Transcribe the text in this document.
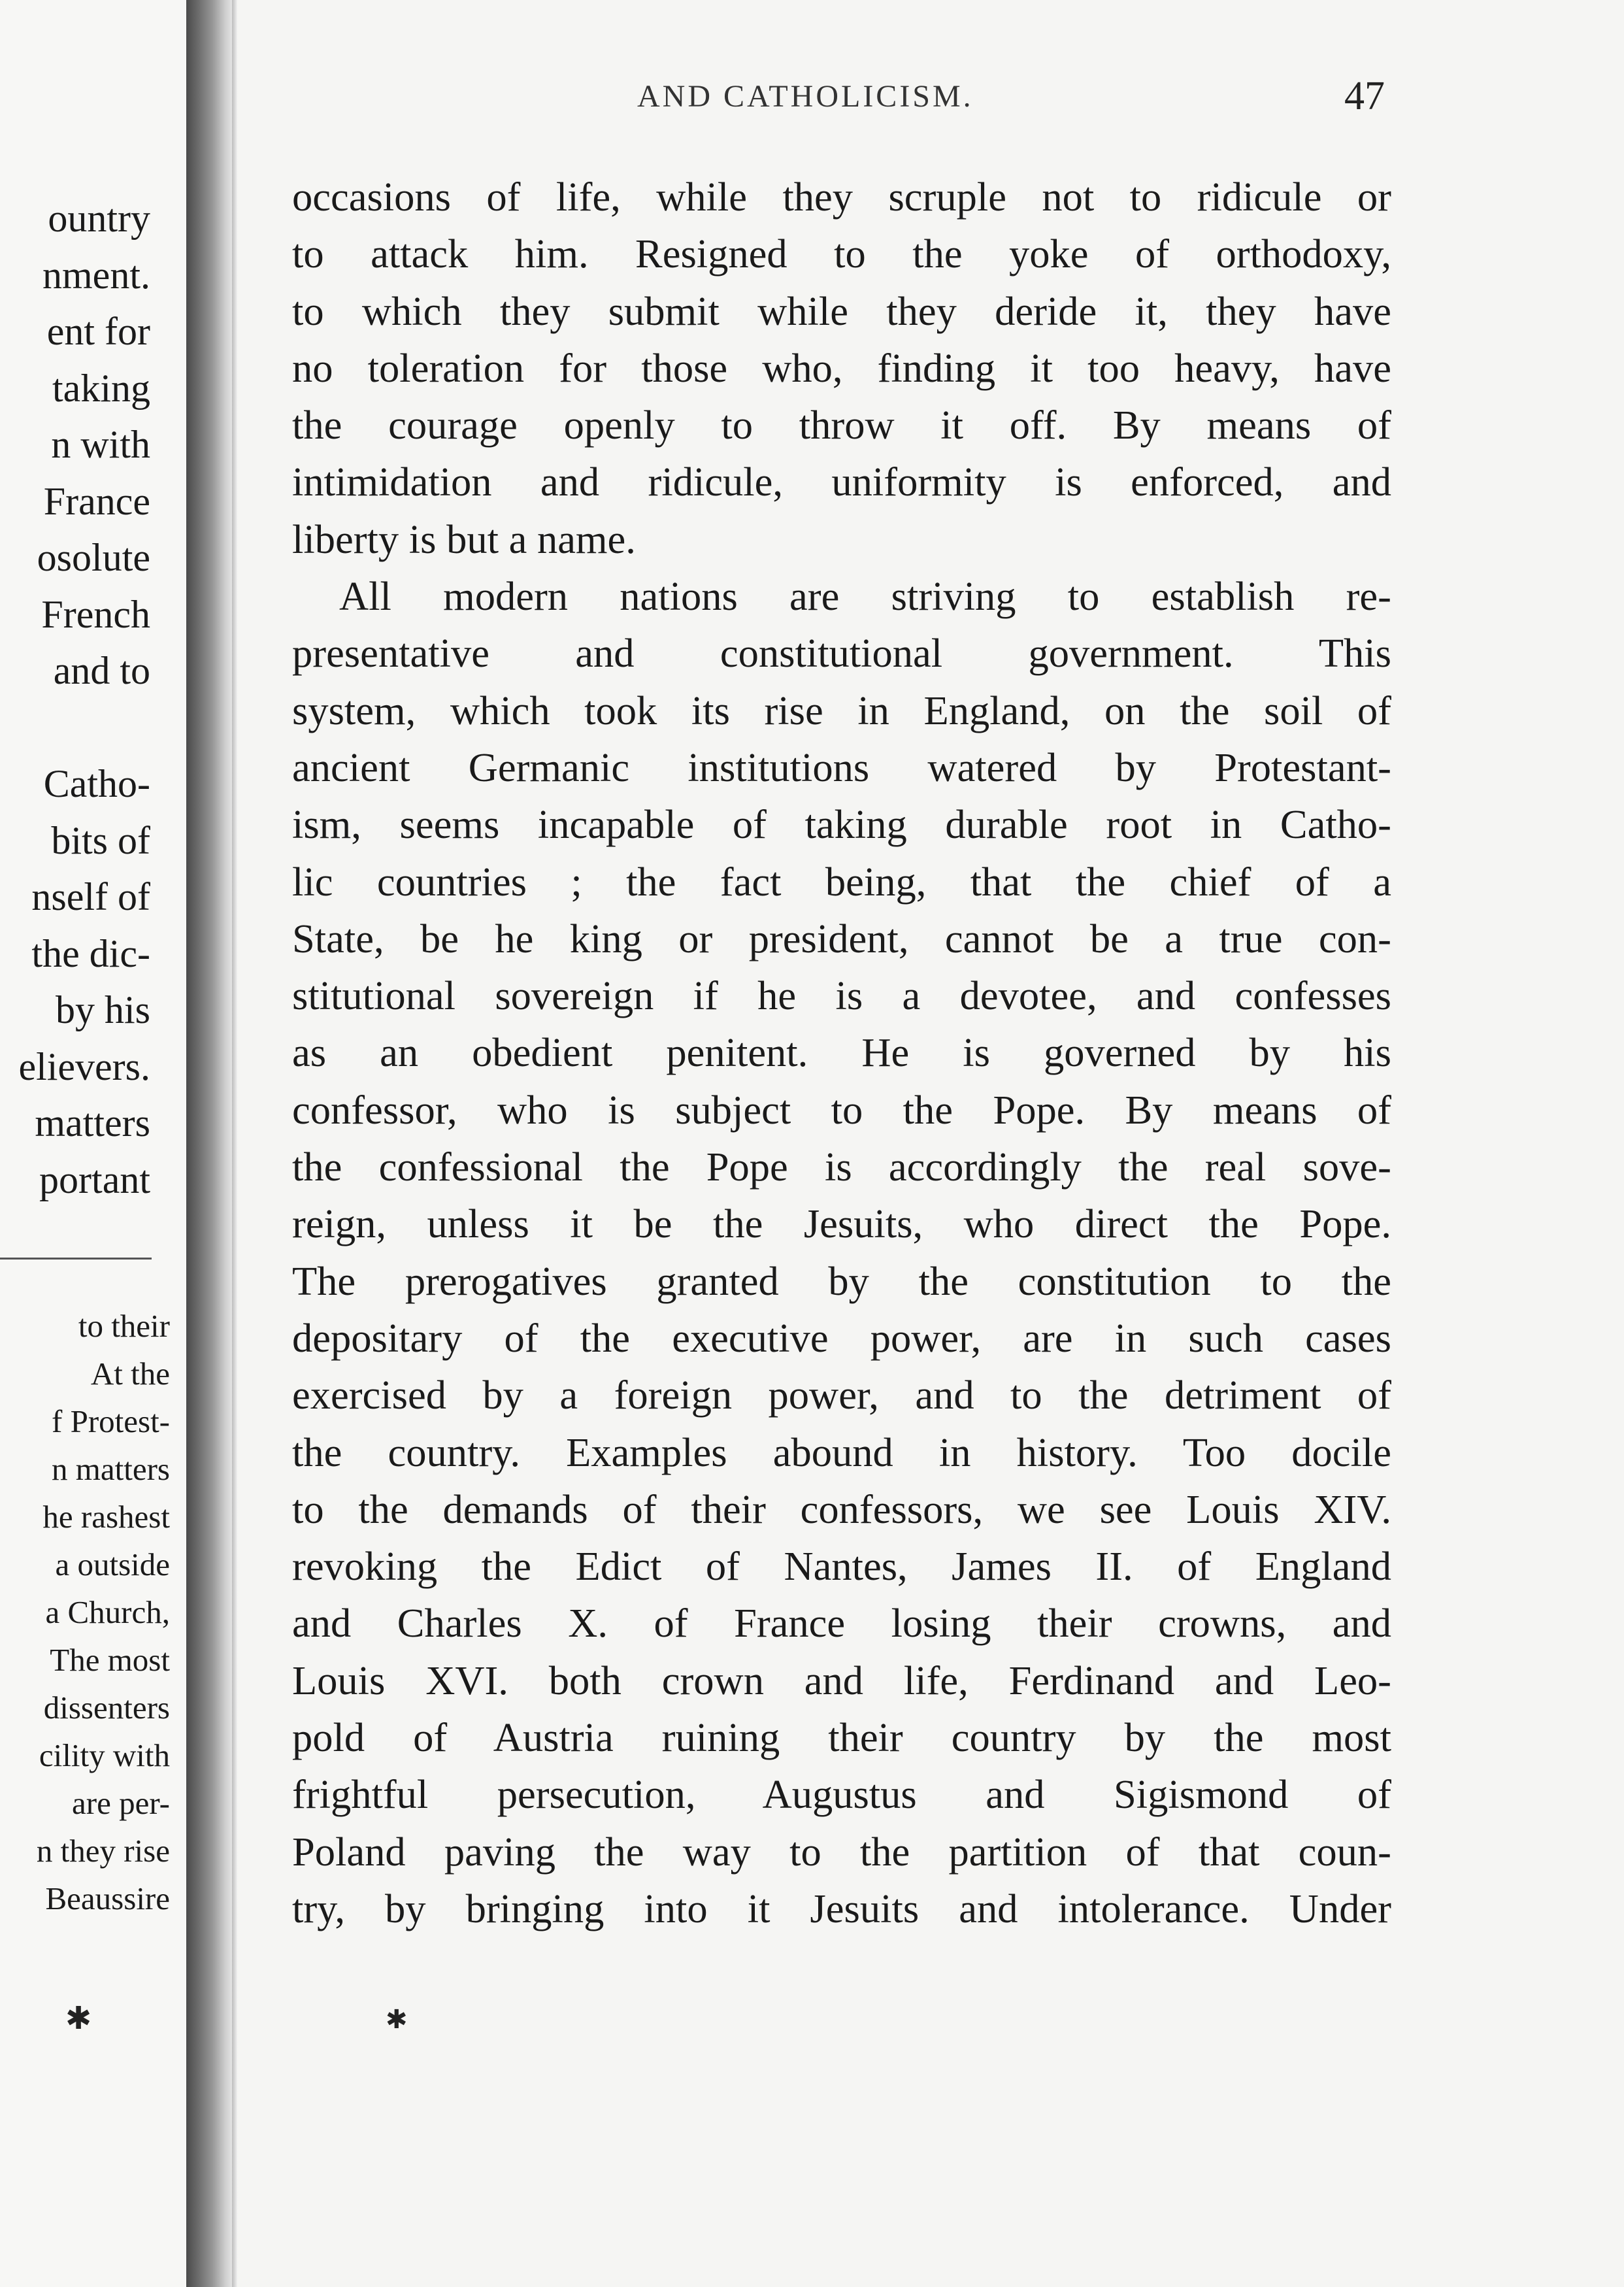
ountry
nment.
ent for
taking
n with
France
osolute
French
and to
Catho-
bits of
nself of
the dic-
by his
elievers.
matters
portant
to their
At the
f Protest-
n matters
he rashest
a outside
a Church,
The most
dissenters
cility with
are per-
n they rise
Beaussire
AND CATHOLICISM.	47
occasions of life, while they scruple not to ridicule or
to attack him. Resigned to the yoke of orthodoxy,
to which they submit while they deride it, they have
no toleration for those who, finding it too heavy, have
the courage openly to throw it off. By means of
intimidation and ridicule, uniformity is enforced, and
liberty is but a name.
All modern nations are striving to establish re-
presentative and constitutional government. This
system, which took its rise in England, on the soil of
ancient Germanic institutions watered by Protestant-
ism, seems incapable of taking durable root in Catho-
lic countries ; the fact being, that the chief of a
State, be he king or president, cannot be a true con-
stitutional sovereign if he is a devotee, and confesses
as an obedient penitent. He is governed by his
confessor, who is subject to the Pope. By means of
the confessional the Pope is accordingly the real sove-
reign, unless it be the Jesuits, who direct the Pope.
The prerogatives granted by the constitution to the
depositary of the executive power, are in such cases
exercised by a foreign power, and to the detriment of
the country. Examples abound in history. Too docile
to the demands of their confessors, we see Louis XIV.
revoking the Edict of Nantes, James II. of England
and Charles X. of France losing their crowns, and
Louis XVI. both crown and life, Ferdinand and Leo-
pold of Austria ruining their country by the most
frightful persecution, Augustus and Sigismond of
Poland paving the way to the partition of that coun-
try, by bringing into it Jesuits and intolerance. Under
✱	✱
